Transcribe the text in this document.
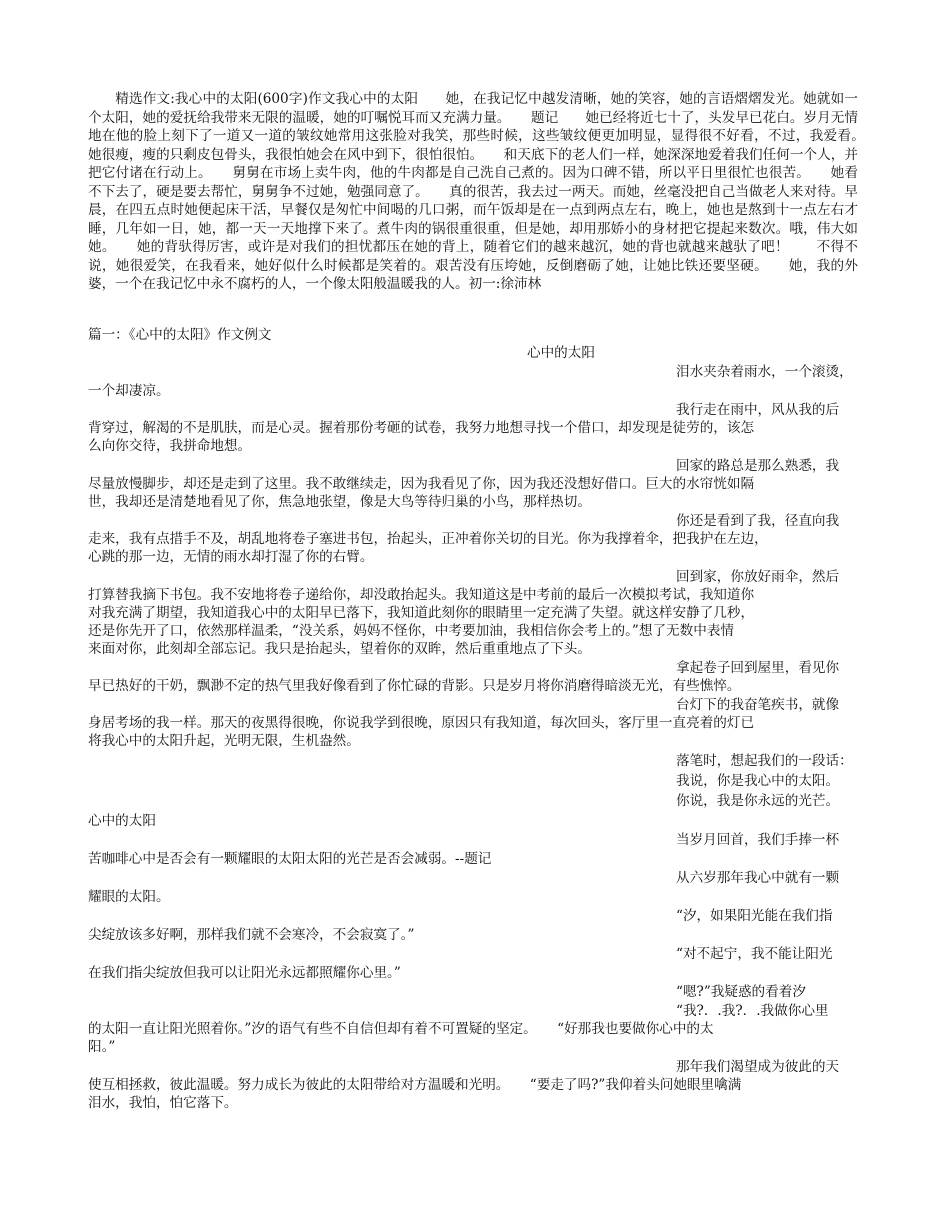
精选作文:我心中的太阳(600字)作文我心中的太阳　　她，在我记忆中越发清晰，她的笑容，她的言语熠熠发光。她就如一个太阳，她的爱抚给我带来无限的温暖，她的叮嘱悦耳而又充满力量。　　题记　　她已经将近七十了，头发早已花白。岁月无情地在他的脸上刻下了一道又一道的皱纹她常用这张脸对我笑，那些时候，这些皱纹便更加明显，显得很不好看，不过，我爱看。　　她很瘦，瘦的只剩皮包骨头，我很怕她会在风中到下，很怕很怕。　　和天底下的老人们一样，她深深地爱着我们任何一个人，并把它付诸在行动上。　　舅舅在市场上卖牛肉，他的牛肉都是自己洗自己煮的。因为口碑不错，所以平日里很忙也很苦。　　她看不下去了，硬是要去帮忙，舅舅争不过她，勉强同意了。　　真的很苦，我去过一两天。而她，丝毫没把自己当做老人来对待。早晨，在四五点时她便起床干活，早餐仅是匆忙中间喝的几口粥，而午饭却是在一点到两点左右，晚上，她也是熬到十一点左右才睡，几年如一日，她，都一天一天地撑下来了。煮牛肉的锅很重很重，但是她，却用那娇小的身材把它提起来数次。哦，伟大如她。　　她的背驮得厉害，或许是对我们的担忧都压在她的背上，随着它们的越来越沉，她的背也就越来越驮了吧！　　不得不说，她很爱笑，在我看来，她好似什么时候都是笑着的。艰苦没有压垮她，反倒磨砺了她，让她比铁还要坚硬。　　她，我的外婆，一个在我记忆中永不腐朽的人，一个像太阳般温暖我的人。初一:徐沛林

篇一：《心中的太阳》作文例文

心中的太阳

泪水夹杂着雨水，一个滚烫，

一个却凄凉。

我行走在雨中，风从我的后

背穿过，解渴的不是肌肤，而是心灵。握着那份考砸的试卷，我努力地想寻找一个借口，却发现是徒劳的，该怎

么向你交待，我拼命地想。

回家的路总是那么熟悉，我

尽量放慢脚步，却还是走到了这里。我不敢继续走，因为我看见了你，因为我还没想好借口。巨大的水帘恍如隔

世，我却还是清楚地看见了你，焦急地张望，像是大鸟等待归巢的小鸟，那样热切。

你还是看到了我，径直向我

走来，我有点措手不及，胡乱地将卷子塞进书包，抬起头，正冲着你关切的目光。你为我撑着伞，把我护在左边，

心跳的那一边，无情的雨水却打湿了你的右臂。

回到家，你放好雨伞，然后

打算替我摘下书包。我不安地将卷子递给你，却没敢抬起头。我知道这是中考前的最后一次模拟考试，我知道你

对我充满了期望，我知道我心中的太阳早已落下，我知道此刻你的眼睛里一定充满了失望。就这样安静了几秒，

还是你先开了口，依然那样温柔，“没关系，妈妈不怪你，中考要加油，我相信你会考上的。”想了无数中表情

来面对你，此刻却全部忘记。我只是抬起头，望着你的双眸，然后重重地点了下头。

拿起卷子回到屋里，看见你

早已热好的干奶，飘渺不定的热气里我好像看到了你忙碌的背影。只是岁月将你消磨得暗淡无光，有些憔悴。

台灯下的我奋笔疾书，就像

身居考场的我一样。那天的夜黑得很晚，你说我学到很晚，原因只有我知道，每次回头，客厅里一直亮着的灯已

将我心中的太阳升起，光明无限，生机盎然。

落笔时，想起我们的一段话：

我说，你是我心中的太阳。

你说，我是你永远的光芒。

心中的太阳

当岁月回首，我们手捧一杯

苦咖啡心中是否会有一颗耀眼的太阳太阳的光芒是否会减弱。--题记

从六岁那年我心中就有一颗

耀眼的太阳。

“汐，如果阳光能在我们指

尖绽放该多好啊，那样我们就不会寒冷，不会寂寞了。”

“对不起宁，我不能让阳光

在我们指尖绽放但我可以让阳光永远都照耀你心里。”

“嗯?”我疑惑的看着汐

“我?．.我?．.我做你心里

的太阳一直让阳光照着你。”汐的语气有些不自信但却有着不可置疑的坚定。　　“好那我也要做你心中的太

阳。”

那年我们渴望成为彼此的天

使互相拯救，彼此温暖。努力成长为彼此的太阳带给对方温暖和光明。　　“要走了吗?”我仰着头问她眼里噙满

泪水，我怕，怕它落下。
